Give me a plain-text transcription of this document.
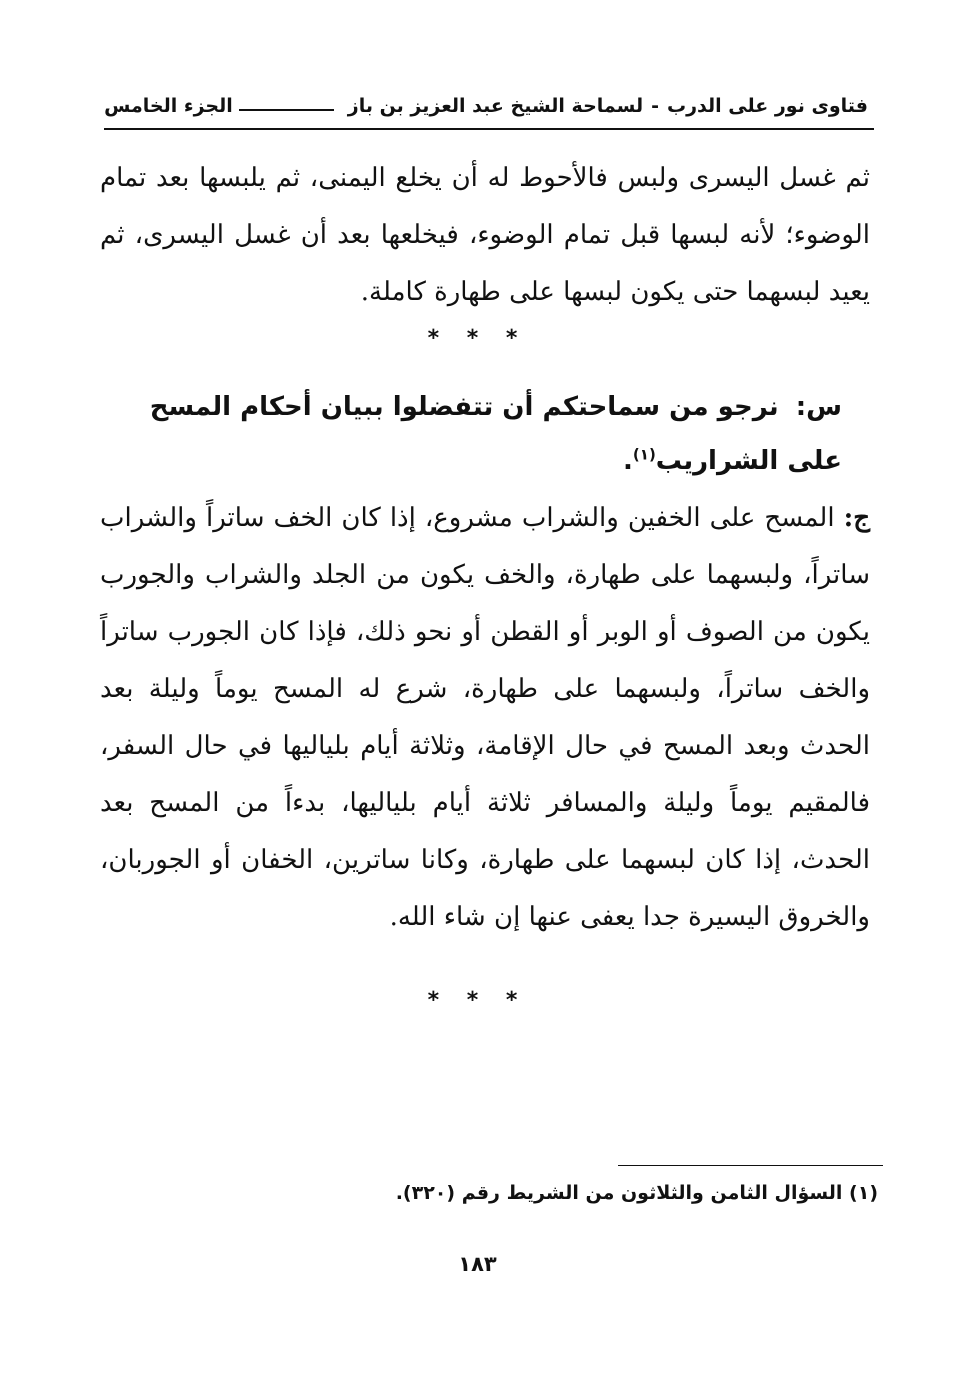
فتاوى نور على الدرب
-
لسماحة الشيخ عبد العزيز بن باز
الجزء الخامس
ثم غسل اليسرى ولبس فالأحوط له أن يخلع اليمنى، ثم يلبسها بعد تمام الوضوء؛ لأنه لبسها قبل تمام الوضوء، فيخلعها بعد أن غسل اليسرى، ثم يعيد لبسهما حتى يكون لبسها على طهارة كاملة.
* * *
س: نرجو من سماحتكم أن تتفضلوا ببيان أحكام المسح على الشراريب$^{(١)}$.
ج: المسح على الخفين والشراب مشروع، إذا كان الخف ساتراً والشراب ساتراً، ولبسهما على طهارة، والخف يكون من الجلد والشراب والجورب يكون من الصوف أو الوبر أو القطن أو نحو ذلك، فإذا كان الجورب ساتراً والخف ساتراً، ولبسهما على طهارة، شرع له المسح يوماً وليلة بعد الحدث وبعد المسح في حال الإقامة، وثلاثة أيام بلياليها في حال السفر، فالمقيم يوماً وليلة والمسافر ثلاثة أيام بلياليها، بدءاً من المسح بعد الحدث، إذا كان لبسهما على طهارة، وكانا ساترين، الخفان أو الجوربان، والخروق اليسيرة جدا يعفى عنها إن شاء الله.
* * *
(١) السؤال الثامن والثلاثون من الشريط رقم (٣٢٠).
١٨٣
